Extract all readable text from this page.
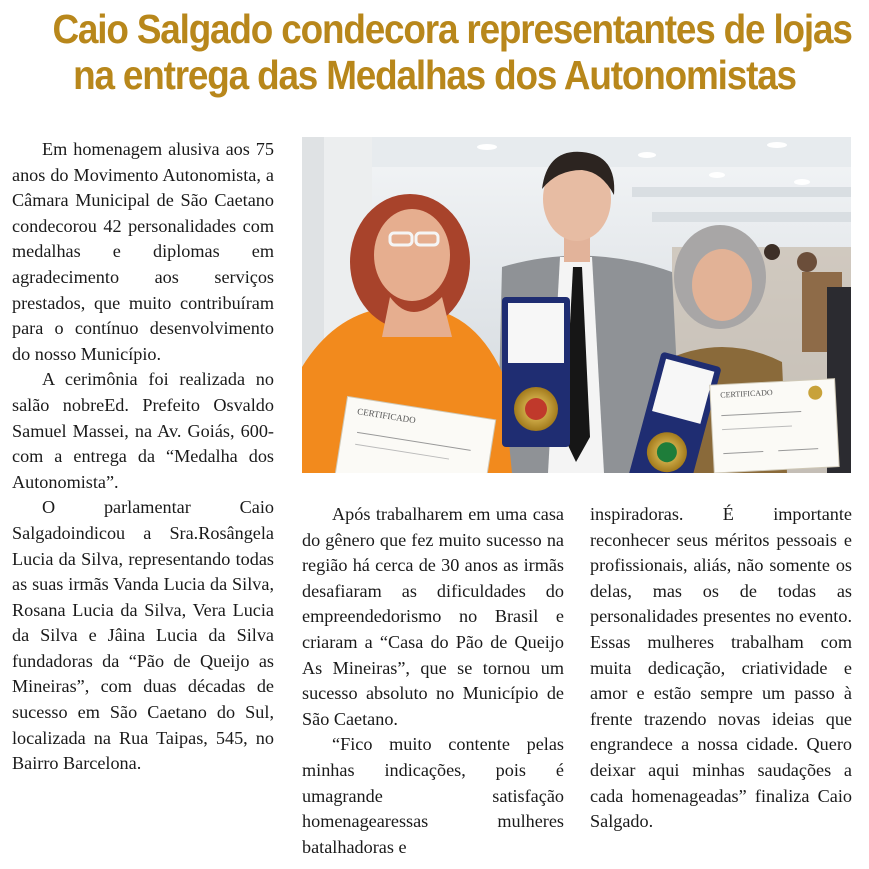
Caio Salgado condecora representantes de lojas
na entrega das Medalhas dos Autonomistas

Em homenagem alusiva aos 75 anos do Movimento Autonomista, a Câmara Municipal de São Caetano condecorou 42 personalidades com medalhas e diplomas em agradecimento aos serviços prestados, que muito contribuíram para o contínuo desenvolvimento do nosso Município.

A cerimônia foi realizada no salão nobreEd. Prefeito Osvaldo Samuel Massei, na Av. Goiás, 600- com a entrega da “Medalha dos Autonomista”.

O parlamentar Caio Salgadoindicou a Sra.Rosângela Lucia da Silva, representando todas as suas irmãs Vanda Lucia da Silva, Rosana Lucia da Silva, Vera Lucia da Silva e Jâina Lucia da Silva fundadoras da “Pão de Queijo as Mineiras”, com duas décadas de sucesso em São Caetano do Sul, localizada na Rua Taipas, 545, no Bairro Barcelona.

CERTIFICADO
CERTIFICADO

Após trabalharem em uma casa do gênero que fez muito sucesso na região há cerca de 30 anos as irmãs desafiaram as dificuldades do empreendedorismo no Brasil e criaram a “Casa do Pão de Queijo As Mineiras”, que se tornou um sucesso absoluto no Município de São Caetano.

“Fico muito contente pelas minhas indicações, pois é umagrande satisfação homenagearessas mulheres batalhadoras e

inspiradoras. É importante reconhecer seus méritos pessoais e profissionais, aliás, não somente os delas, mas os de todas as personalidades presentes no evento. Essas mulheres trabalham com muita dedicação, criatividade e amor e estão sempre um passo à frente trazendo novas ideias que engrandece a nossa cidade. Quero deixar aqui minhas saudações a cada homenageadas” finaliza Caio Salgado.
